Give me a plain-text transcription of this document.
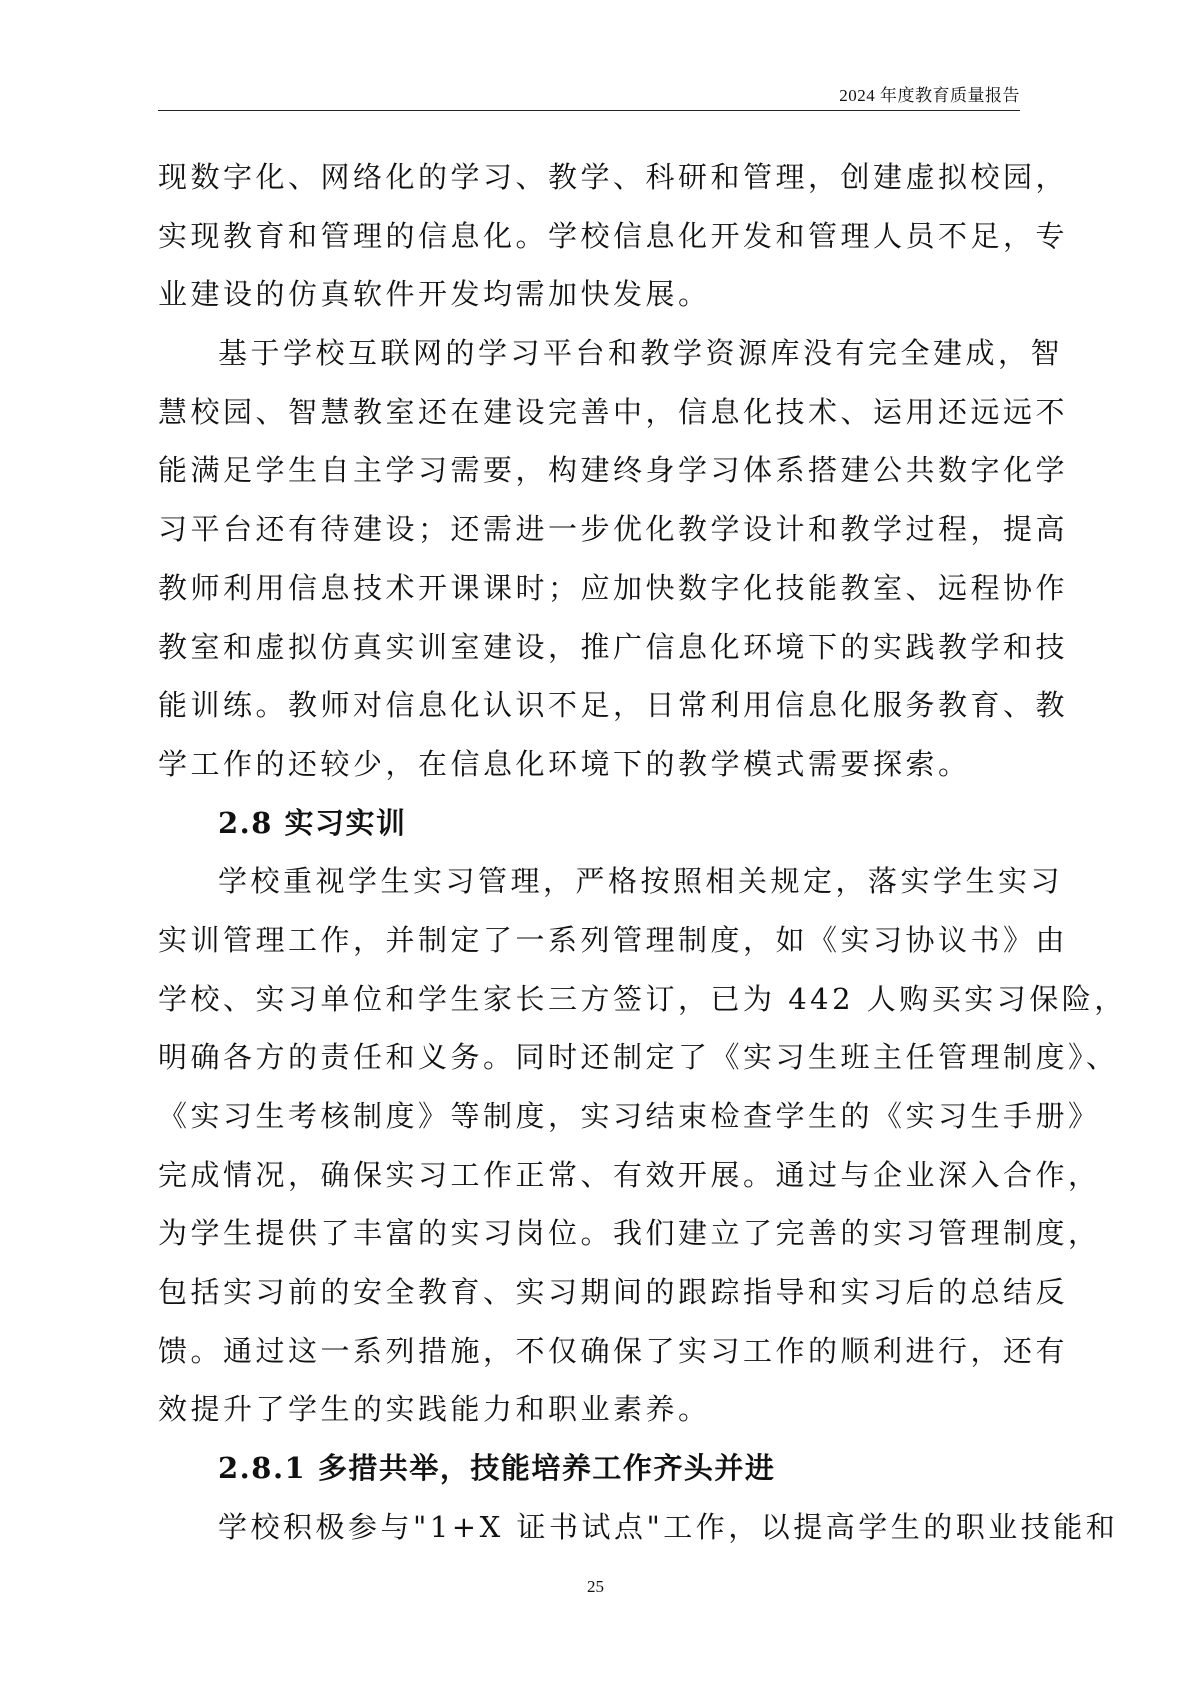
2024 年度教育质量报告
现数字化、网络化的学习、教学、科研和管理，创建虚拟校园，
实现教育和管理的信息化。学校信息化开发和管理人员不足，专
业建设的仿真软件开发均需加快发展。
基于学校互联网的学习平台和教学资源库没有完全建成，智
慧校园、智慧教室还在建设完善中，信息化技术、运用还远远不
能满足学生自主学习需要，构建终身学习体系搭建公共数字化学
习平台还有待建设；还需进一步优化教学设计和教学过程，提高
教师利用信息技术开课课时；应加快数字化技能教室、远程协作
教室和虚拟仿真实训室建设，推广信息化环境下的实践教学和技
能训练。教师对信息化认识不足，日常利用信息化服务教育、教
学工作的还较少，在信息化环境下的教学模式需要探索。
2.8 实习实训
学校重视学生实习管理，严格按照相关规定，落实学生实习
实训管理工作，并制定了一系列管理制度，如《实习协议书》由
学校、实习单位和学生家长三方签订，已为 442 人购买实习保险，
明确各方的责任和义务。同时还制定了《实习生班主任管理制度》、
《实习生考核制度》等制度，实习结束检查学生的《实习生手册》
完成情况，确保实习工作正常、有效开展。通过与企业深入合作，
为学生提供了丰富的实习岗位。我们建立了完善的实习管理制度，
包括实习前的安全教育、实习期间的跟踪指导和实习后的总结反
馈。通过这一系列措施，不仅确保了实习工作的顺利进行，还有
效提升了学生的实践能力和职业素养。
2.8.1 多措共举，技能培养工作齐头并进
学校积极参与"1+X 证书试点"工作，以提高学生的职业技能和
25
